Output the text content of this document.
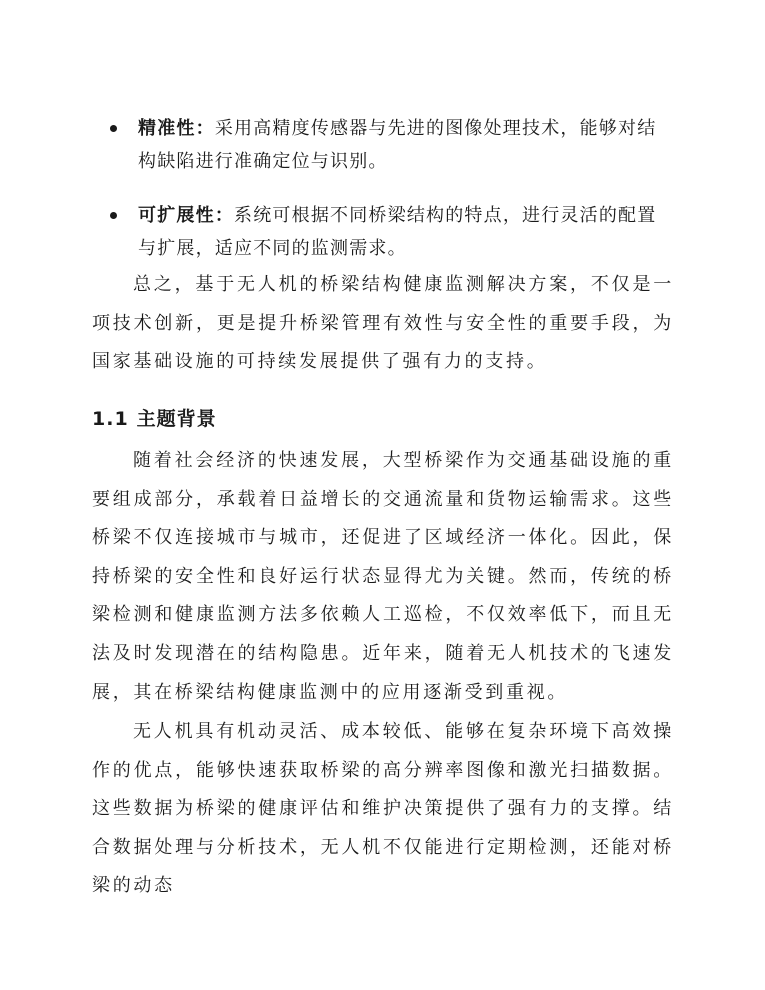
精准性：采用高精度传感器与先进的图像处理技术，能够对结构缺陷进行准确定位与识别。
可扩展性：系统可根据不同桥梁结构的特点，进行灵活的配置与扩展，适应不同的监测需求。

总之，基于无人机的桥梁结构健康监测解决方案，不仅是一项技术创新，更是提升桥梁管理有效性与安全性的重要手段，为国家基础设施的可持续发展提供了强有力的支持。

1.1 主题背景

随着社会经济的快速发展，大型桥梁作为交通基础设施的重要组成部分，承载着日益增长的交通流量和货物运输需求。这些桥梁不仅连接城市与城市，还促进了区域经济一体化。因此，保持桥梁的安全性和良好运行状态显得尤为关键。然而，传统的桥梁检测和健康监测方法多依赖人工巡检，不仅效率低下，而且无法及时发现潜在的结构隐患。近年来，随着无人机技术的飞速发展，其在桥梁结构健康监测中的应用逐渐受到重视。

无人机具有机动灵活、成本较低、能够在复杂环境下高效操作的优点，能够快速获取桥梁的高分辨率图像和激光扫描数据。这些数据为桥梁的健康评估和维护决策提供了强有力的支撑。结合数据处理与分析技术，无人机不仅能进行定期检测，还能对桥梁的动态
